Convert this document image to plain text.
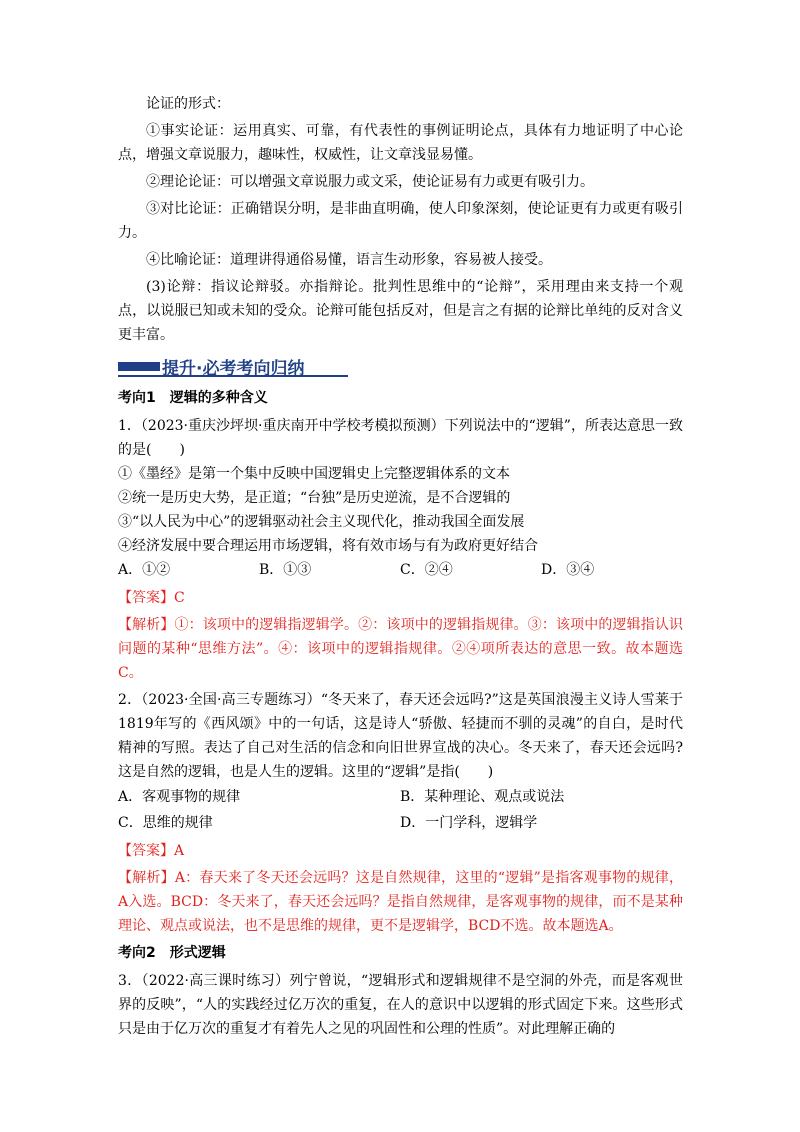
论证的形式：

①事实论证：运用真实、可靠，有代表性的事例证明论点，具体有力地证明了中心论点，增强文章说服力，趣味性，权威性，让文章浅显易懂。

②理论论证：可以增强文章说服力或文采，使论证易有力或更有吸引力。

③对比论证：正确错误分明，是非曲直明确，使人印象深刻，使论证更有力或更有吸引力。

④比喻论证：道理讲得通俗易懂，语言生动形象，容易被人接受。

(3)论辩：指议论辩驳。亦指辩论。批判性思维中的“论辩”，采用理由来支持一个观点，以说服已知或未知的受众。论辩可能包括反对，但是言之有据的论辩比单纯的反对含义更丰富。

提升·必考考向归纳

考向1　逻辑的多种含义

1．（2023·重庆沙坪坝·重庆南开中学校考模拟预测）下列说法中的“逻辑”，所表达意思一致的是(　　)

①《墨经》是第一个集中反映中国逻辑史上完整逻辑体系的文本

②统一是历史大势，是正道；“台独”是历史逆流，是不合逻辑的

③“以人民为中心”的逻辑驱动社会主义现代化，推动我国全面发展

④经济发展中要合理运用市场逻辑，将有效市场与有为政府更好结合

A．①②	B．①③	C．②④	D．③④

【答案】C

【解析】①：该项中的逻辑指逻辑学。②：该项中的逻辑指规律。③：该项中的逻辑指认识问题的某种“思维方法”。④：该项中的逻辑指规律。②④项所表达的意思一致。故本题选C。

2．（2023·全国·高三专题练习）“冬天来了，春天还会远吗?”这是英国浪漫主义诗人雪莱于1819年写的《西风颂》中的一句话，这是诗人“骄傲、轻捷而不驯的灵魂”的自白，是时代精神的写照。表达了自己对生活的信念和向旧世界宣战的决心。冬天来了，春天还会远吗?这是自然的逻辑，也是人生的逻辑。这里的“逻辑”是指(　　)

A．客观事物的规律	B．某种理论、观点或说法
C．思维的规律	D．一门学科，逻辑学

【答案】A

【解析】A：春天来了冬天还会远吗？这是自然规律，这里的“逻辑”是指客观事物的规律，A入选。BCD：冬天来了，春天还会远吗？是指自然规律，是客观事物的规律，而不是某种理论、观点或说法，也不是思维的规律，更不是逻辑学，BCD不选。故本题选A。

考向2　形式逻辑

3．（2022·高三课时练习）列宁曾说，“逻辑形式和逻辑规律不是空洞的外壳，而是客观世界的反映”，“人的实践经过亿万次的重复，在人的意识中以逻辑的形式固定下来。这些形式只是由于亿万次的重复才有着先人之见的巩固性和公理的性质”。对此理解正确的
